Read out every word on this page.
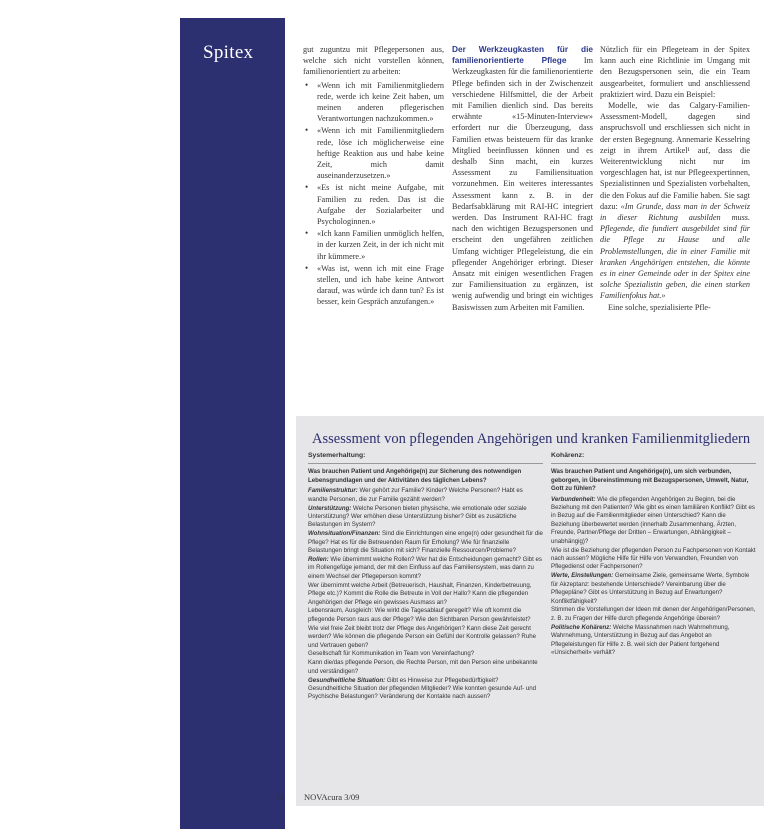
Spitex	gut zuguntzu mit Pflegepersonen aus, welche sich nicht vorstellen können, familienorientiert zu arbeiten:

• «Wenn ich mit Familienmitgliedern rede, werde ich keine Zeit haben, um meinen anderen pflegerischen Verantwortungen nachzukommen.»
• «Wenn ich mit Familienmitgliedern rede, löse ich möglicherweise eine heftige Reaktion aus und habe keine Zeit, mich damit auseinanderzusetzen.»
• «Es ist nicht meine Aufgabe, mit Familien zu reden. Das ist die Aufgabe der Sozialarbeiter und Psychologinnen.»
• «Ich kann Familien unmöglich helfen, in der kurzen Zeit, in der ich nicht mit ihr kümmere.»
• «Was ist, wenn ich mit eine Frage stellen, und ich habe keine Antwort darauf, was würde ich dann tun? Es ist besser, kein Gespräch anzufangen.»
Der Werkzeugkasten für die familienorientierte Pflege Im Werkzeugkasten für die familienorientierte Pflege befinden sich in der Zwischenzeit verschiedene Hilfsmittel, die der Arbeit mit Familien dienlich sind. Das bereits erwähnte «15-Minuten-Interview» erfordert nur die Überzeugung, dass Familien etwas beisteuern für das kranke Mitglied beeinflussen können und es deshalb Sinn macht, ein kurzes Assessment zu Familiensituation vorzunehmen. Ein weiteres interessantes Assessment kann z. B. in der Bedarfsabklärung mit RAI-HC integriert werden. Das Instrument RAI-HC fragt nach den wichtigen Bezugspersonen und erscheint den ungefähren zeitlichen Umfang wichtiger Pflegeleistung, die ein pflegender Angehöriger erbringt. Dieser Ansatz mit einigen wesentlichen Fragen zur Familiensituation zu ergänzen, ist wenig aufwendig und bringt ein wichtiges Basiswissen zum Arbeiten mit Familien.

Nützlich für ein Pflegeteam in der Spitex kann auch eine Richtlinie im Umgang mit den Bezugspersonen sein, die ein Team ausgearbeitet, formuliert und anschliessend praktiziert wird. Dazu ein Beispiel:

Modelle, wie das Calgary-Familien-Assessment-Modell, dagegen sind anspruchsvoll und erschliessen sich nicht in der ersten Begegnung. Annemarie Kesselring zeigt in ihrem Artikel¹ auf, dass die Weiterentwicklung nicht nur im vorgeschlagen hat, ist nur Pflegeexpertinnen, Spezialistinnen und Spezialisten vorbehalten, die den Fokus auf die Familie haben. Sie sagt dazu: «Im Grunde, dass man in der Schweiz in dieser Richtung ausbilden muss. Pflegende, die fundiert ausgebildet sind für die Pflege zu Hause und alle Problemstellungen, die in einer Familie mit kranken Angehörigen entstehen, die könnte es in einer Gemeinde oder in der Spitex eine solche Spezialistin geben, die einen starken Familienfokus hat.»

Eine solche, spezialisierte Pfle-

Assessment von pflegenden Angehörigen und kranken Familienmitgliedern
Systemerhaltung:
Was brauchen Patient und Angehörige(n) zur Sicherung des notwendigen Lebensgrundlagen und der Aktivitäten des täglichen Lebens?
Familienstruktur: Wer gehört zur Familie? Kinder? Welche Personen? Habt es wandte Personen, die zur Familie gezählt werden?
Unterstützung: Welche Personen bieten physische, wie emotionale oder soziale Unterstützung? Wer erhöhen diese Unterstützung bisher? Gibt es zusätzliche Belastungen im System?
Wohnsituation/Finanzen: Sind die Einrichtungen eine enge(n) oder gesundheit für die Pflege? Hat es für die Betreuenden Raum für Erholung? Wie für finanzielle Belastungen bringt die Situation mit sich? Finanzielle Ressourcen/Probleme?
Rollen: Wie übernimmt welche Rollen? Wer hat die Entscheidungen gemacht? Gibt es im Rollengefüge jemand, der mit den Einfluss auf das Familiensystem, was dann zu einem Wechsel der Pflegeperson kommt?
Wer übernimmt welche Arbeit (Betreuerisch, Haushalt, Finanzen, Kinderbetreuung, Pflege etc.)? Kommt die Rolle die Betreute in Voll der Hallo? Kann die pflegenden Angehörigen der Pflege ein gewisses Ausmass an?
Lebensraum, Ausgleich: Wie wirkt die Tagesablauf geregelt? Wie oft kommt die pflegende Person raus aus der Pflege? Wie den Sichtbaren Person gewährleistet?
Wie viel freie Zeit bleibt trotz der Pflege des Angehörigen? Kann diese Zeit gerecht werden? Wie können die pflegende Person ein Gefühl der Kontrolle gelassen? Ruhe und Vertrauen geben?
Gesellschaft für Kommunikation im Team von Vereinfachung?
Kann die/das pflegende Person, die Rechte Person, mit den Person eine unbekannte und verständigen?
Gesundheitliche Situation: Gibt es Hinweise zur Pflegebedürftigkeit? Gesundheitliche Situation der pflegenden Mitglieder? Wie konnten gesunde Auf- und Psychische Belastungen? Veränderung der Kontakte nach aussen?
Kohärenz:
Was brauchen Patient und Angehörige(n), um sich verbunden, geborgen, in Übereinstimmung mit Bezugspersonen, Umwelt, Natur, Gott zu fühlen?
Verbundenheit: Wie die pflegenden Angehörigen zu Beginn, bei die Beziehung mit den Patienten? Wie gibt es einen familiären Konflikt? Gibt es in Bezug auf die Familienmitglieder einen Unterschied? Kann die Beziehung überbewertet werden (innerhalb Zusammenhang, Ärzten, Freunde, Partner/Pflege der Dritten – Erwartungen, Abhängigkeit – unabhängig)?
Wie ist die Beziehung der pflegenden Person zu Fachpersonen von Kontakt nach aussen? Mögliche Hilfe für Hilfe von Verwandten, Freunden von Pflegedienst oder Fachpersonen?
Werte, Einstellungen: Gemeinsame Ziele, gemeinsame Werte, Symbole für Akzeptanz: bestehende Unterschiede? Vereinbarung über die Pflegepläne? Gibt es Unterstützung in Bezug auf Erwartungen? Konfliktfähigkeit?
Stimmen die Vorstellungen der Ideen mit denen der Angehörigen/Personen, z. B. zu Fragen der Hilfe durch pflegende Angehörige überein?
Politische Kohärenz: Welche Massnahmen nach Wahrnehmung, Wahrnehmung, Unterstützung in Bezug auf das Angebot an Pflegeleistungen für Hilfe z. B. weil sich der Patient fortgehend «Unsicherheit» verhält?
38 NOVAcura 3/09
